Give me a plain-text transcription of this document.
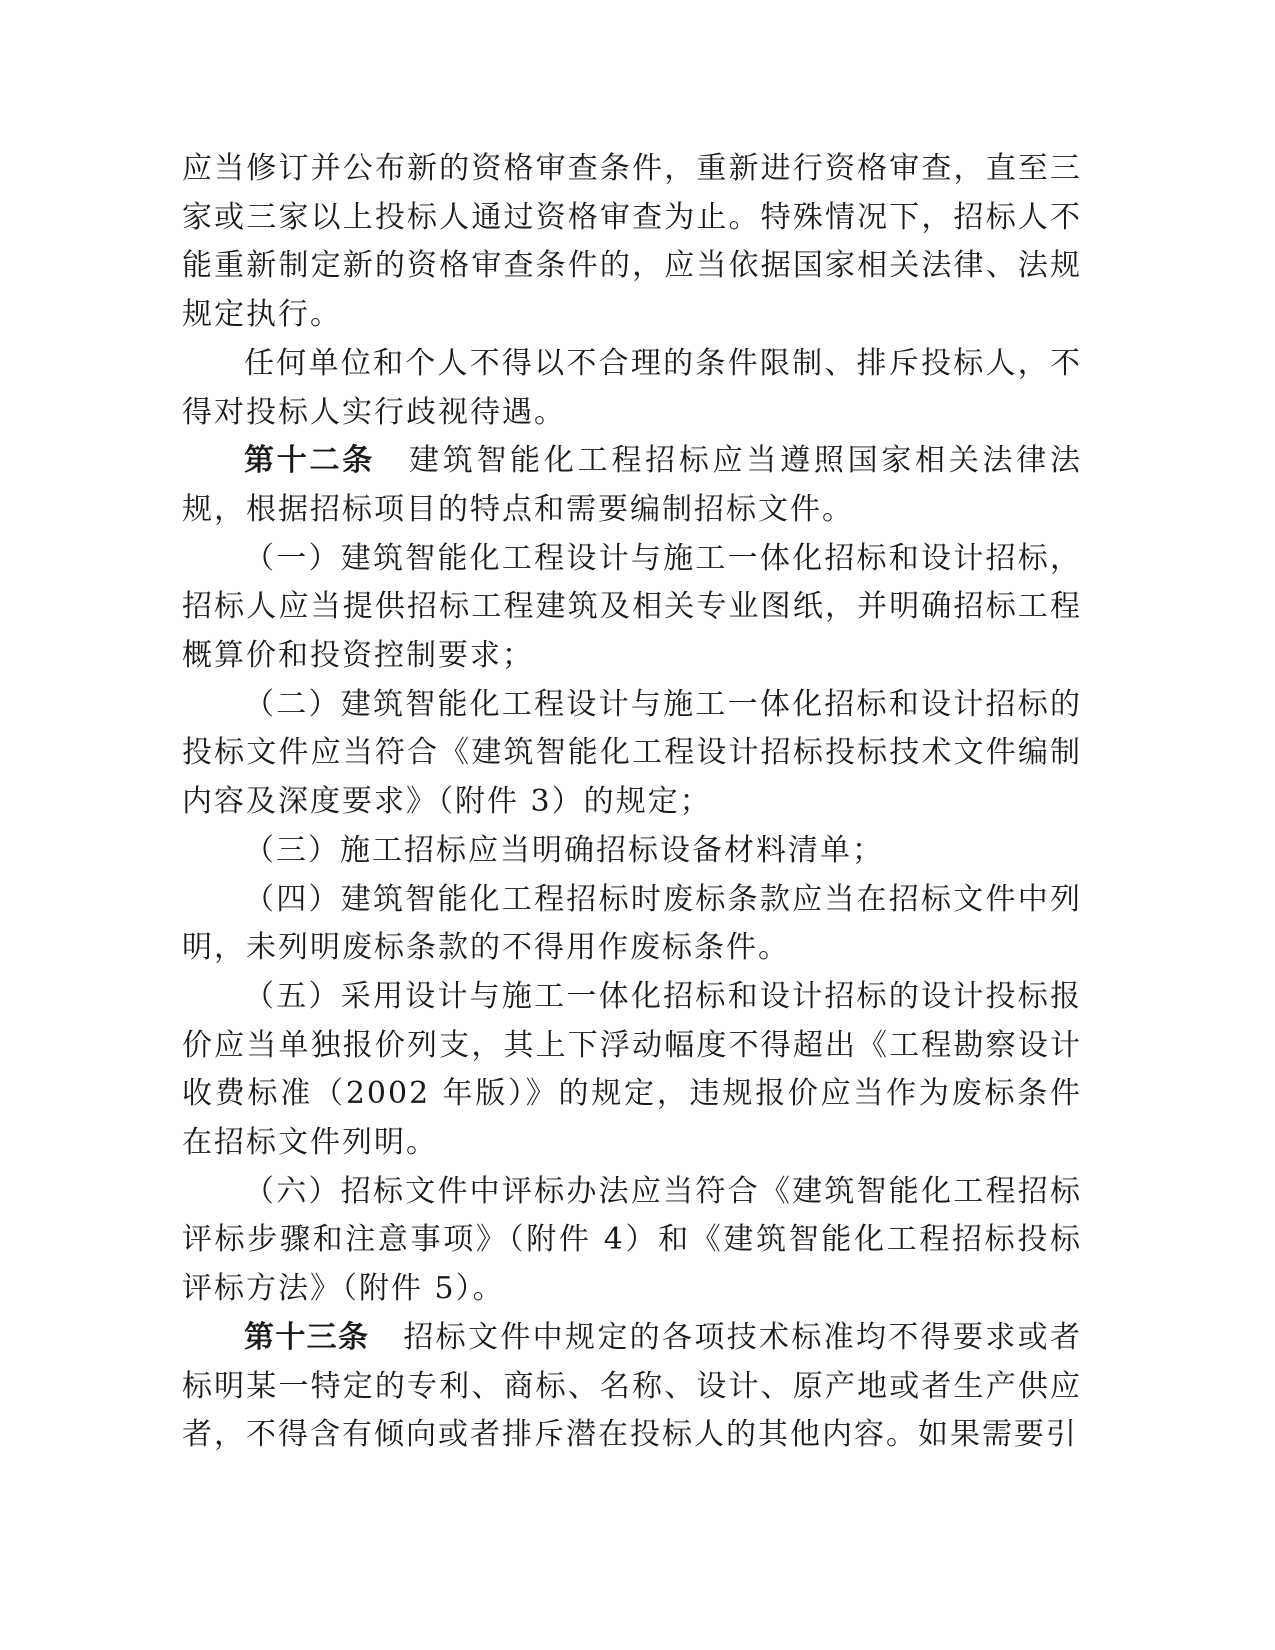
应当修订并公布新的资格审查条件，重新进行资格审查，直至三家或三家以上投标人通过资格审查为止。特殊情况下，招标人不能重新制定新的资格审查条件的，应当依据国家相关法律、法规规定执行。

任何单位和个人不得以不合理的条件限制、排斥投标人，不得对投标人实行歧视待遇。

第十二条 建筑智能化工程招标应当遵照国家相关法律法规，根据招标项目的特点和需要编制招标文件。

（一）建筑智能化工程设计与施工一体化招标和设计招标，招标人应当提供招标工程建筑及相关专业图纸，并明确招标工程概算价和投资控制要求；

（二）建筑智能化工程设计与施工一体化招标和设计招标的投标文件应当符合《建筑智能化工程设计招标投标技术文件编制内容及深度要求》（附件 3）的规定；

（三）施工招标应当明确招标设备材料清单；

（四）建筑智能化工程招标时废标条款应当在招标文件中列明，未列明废标条款的不得用作废标条件。

（五）采用设计与施工一体化招标和设计招标的设计投标报价应当单独报价列支，其上下浮动幅度不得超出《工程勘察设计收费标准（2002 年版）》的规定，违规报价应当作为废标条件在招标文件列明。

（六）招标文件中评标办法应当符合《建筑智能化工程招标评标步骤和注意事项》（附件 4）和《建筑智能化工程招标投标评标方法》（附件 5）。

第十三条 招标文件中规定的各项技术标准均不得要求或者标明某一特定的专利、商标、名称、设计、原产地或者生产供应者，不得含有倾向或者排斥潜在投标人的其他内容。如果需要引
